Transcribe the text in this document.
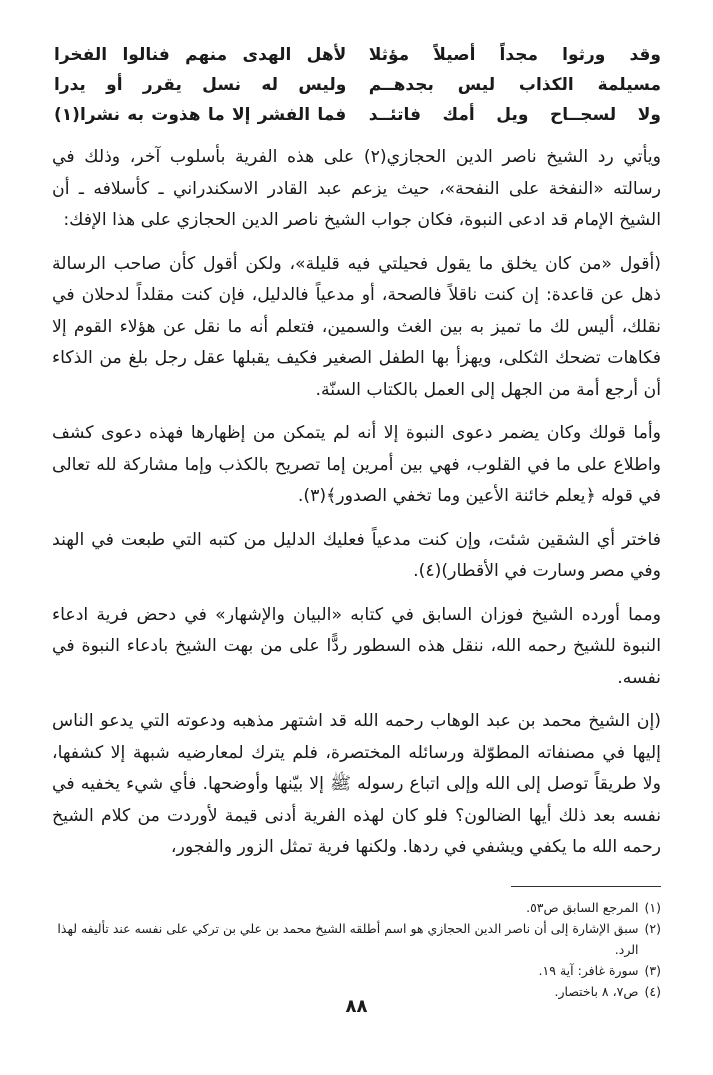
وقد ورثوا مجداً أصيلاً مؤثلا
لأهل الهدى منهم فنالوا الفخرا
مسيلمة الكذاب ليس بجدهــم
وليس له نسل يقرر أو يدرا
ولا لسجــاح ويل أمك فاتئــد
فما الفشر إلا ما هذوت به نشرا(١)

ويأتي رد الشيخ ناصر الدين الحجازي(٢) على هذه الفرية بأسلوب آخر، وذلك في رسالته «النفخة على النفحة»، حيث يزعم عبد القادر الاسكندراني ـ كأسلافه ـ أن الشيخ الإمام قد ادعى النبوة، فكان جواب الشيخ ناصر الدين الحجازي على هذا الإفك:

(أقول «من كان يخلق ما يقول فحيلتي فيه قليلة»، ولكن أقول كأن صاحب الرسالة ذهل عن قاعدة: إن كنت ناقلاً فالصحة، أو مدعياً فالدليل، فإن كنت مقلداً لدحلان في نقلك، أليس لك ما تميز به بين الغث والسمين، فتعلم أنه ما نقل عن هؤلاء القوم إلا فكاهات تضحك الثكلى، ويهزأ بها الطفل الصغير فكيف يقبلها عقل رجل بلغ من الذكاء أن أرجع أمة من الجهل إلى العمل بالكتاب السنّة.

وأما قولك وكان يضمر دعوى النبوة إلا أنه لم يتمكن من إظهارها فهذه دعوى كشف واطلاع على ما في القلوب، فهي بين أمرين إما تصريح بالكذب وإما مشاركة لله تعالى في قوله ﴿يعلم خائنة الأعين وما تخفي الصدور﴾(٣).

فاختر أي الشقين شئت، وإن كنت مدعياً فعليك الدليل من كتبه التي طبعت في الهند وفي مصر وسارت في الأقطار)(٤).

ومما أورده الشيخ فوزان السابق في كتابه «البيان والإشهار» في دحض فرية ادعاء النبوة للشيخ رحمه الله، ننقل هذه السطور ردًّا على من بهت الشيخ بادعاء النبوة في نفسه.

(إن الشيخ محمد بن عبد الوهاب رحمه الله قد اشتهر مذهبه ودعوته التي يدعو الناس إليها في مصنفاته المطوّلة ورسائله المختصرة، فلم يترك لمعارضيه شبهة إلا كشفها، ولا طريقاً توصل إلى الله وإلى اتباع رسوله ﷺ إلا بيّنها وأوضحها. فأي شيء يخفيه في نفسه بعد ذلك أيها الضالون؟ فلو كان لهذه الفرية أدنى قيمة لأوردت من كلام الشيخ رحمه الله ما يكفي ويشفي في ردها. ولكنها فرية تمثل الزور والفجور،

(١)
المرجع السابق ص٥٣.
(٢)
سبق الإشارة إلى أن ناصر الدين الحجازي هو اسم أطلقه الشيخ محمد بن علي بن تركي على نفسه عند تأليفه لهذا الرد.
(٣)
سورة غافر: آية ١٩.
(٤)
ص٧، ٨ باختصار.
٨٨
